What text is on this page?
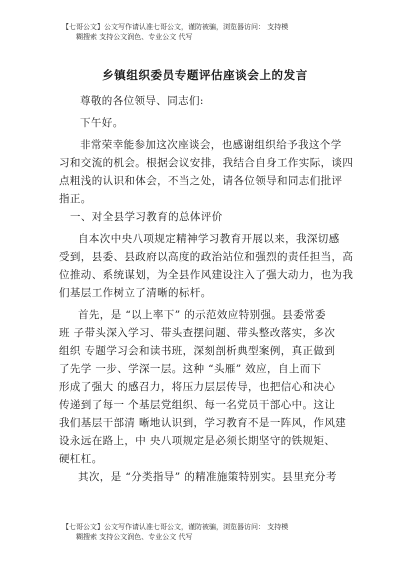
【七哥公文】公文写作请认准七哥公文，谨防被骗，浏览器访问： 支持模
糊搜索 支持公文润色、专业公文 代写
乡镇组织委员专题评估座谈会上的发言
尊敬的各位领导、同志们:
下午好。
非常荣幸能参加这次座谈会，也感谢组织给予我这个学
习和交流的机会。根据会议安排，我结合自身工作实际，谈四
点粗浅的认识和体会，不当之处，请各位领导和同志们批评
指正。
一、对全县学习教育的总体评价
自本次中央八项规定精神学习教育开展以来，我深切感
受到，县委、县政府以高度的政治站位和强烈的责任担当，高
位推动、系统谋划，为全县作风建设注入了强大动力，也为我
们基层工作树立了清晰的标杆。
首先，是 “以上率下” 的示范效应特别强。县委常委
班 子带头深入学习、带头查摆问题、带头整改落实，多次
组织 专题学习会和读书班，深刻剖析典型案例，真正做到
了先学 一步、学深一层。这种 “头雁” 效应，自上而下
形成了强大 的感召力，将压力层层传导，也把信心和决心
传递到了每一 个基层党组织、每一名党员干部心中。这让
我们基层干部清 晰地认识到，学习教育不是一阵风，作风建
设永远在路上，中 央八项规定是必须长期坚守的铁规矩、
硬杠杠。
其次，是 “分类指导” 的精准施策特别实。县里充分考
【七哥公文】公文写作请认准七哥公文，谨防被骗，浏览器访问： 支持模
糊搜索 支持公文润色、专业公文 代写
